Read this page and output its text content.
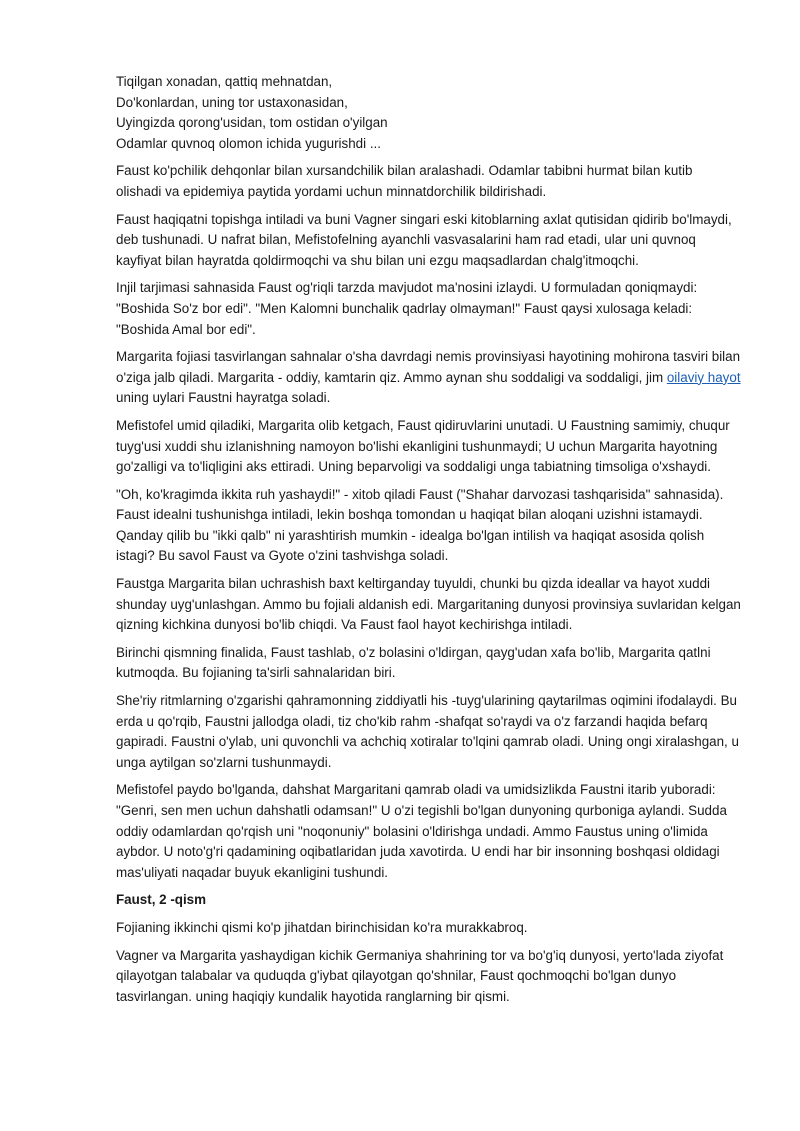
Tiqilgan xonadan, qattiq mehnatdan,
Do'konlardan, uning tor ustaxonasidan,
Uyingizda qorong'usidan, tom ostidan o'yilgan
Odamlar quvnoq olomon ichida yugurishdi ...

Faust ko'pchilik dehqonlar bilan xursandchilik bilan aralashadi. Odamlar tabibni hurmat bilan kutib olishadi va epidemiya paytida yordami uchun minnatdorchilik bildirishadi.

Faust haqiqatni topishga intiladi va buni Vagner singari eski kitoblarning axlat qutisidan qidirib bo'lmaydi, deb tushunadi. U nafrat bilan, Mefistofelning ayanchli vasvasalarini ham rad etadi, ular uni quvnoq kayfiyat bilan hayratda qoldirmoqchi va shu bilan uni ezgu maqsadlardan chalg'itmoqchi.

Injil tarjimasi sahnasida Faust og'riqli tarzda mavjudot ma'nosini izlaydi. U formuladan qoniqmaydi: "Boshida So'z bor edi". "Men Kalomni bunchalik qadrlay olmayman!" Faust qaysi xulosaga keladi: "Boshida Amal bor edi".

Margarita fojiasi tasvirlangan sahnalar o'sha davrdagi nemis provinsiyasi hayotining mohirona tasviri bilan o'ziga jalb qiladi. Margarita - oddiy, kamtarin qiz. Ammo aynan shu soddaligi va soddaligi, jim oilaviy hayot uning uylari Faustni hayratga soladi.

Mefistofel umid qiladiki, Margarita olib ketgach, Faust qidiruvlarini unutadi. U Faustning samimiy, chuqur tuyg'usi xuddi shu izlanishning namoyon bo'lishi ekanligini tushunmaydi; U uchun Margarita hayotning go'zalligi va to'liqligini aks ettiradi. Uning beparvoligi va soddaligi unga tabiatning timsoliga o'xshaydi.

"Oh, ko'kragimda ikkita ruh yashaydi!" - xitob qiladi Faust ("Shahar darvozasi tashqarisida" sahnasida). Faust idealni tushunishga intiladi, lekin boshqa tomondan u haqiqat bilan aloqani uzishni istamaydi. Qanday qilib bu "ikki qalb" ni yarashtirish mumkin - idealga bo'lgan intilish va haqiqat asosida qolish istagi? Bu savol Faust va Gyote o'zini tashvishga soladi.

Faustga Margarita bilan uchrashish baxt keltirganday tuyuldi, chunki bu qizda ideallar va hayot xuddi shunday uyg'unlashgan. Ammo bu fojiali aldanish edi. Margaritaning dunyosi provinsiya suvlaridan kelgan qizning kichkina dunyosi bo'lib chiqdi. Va Faust faol hayot kechirishga intiladi.

Birinchi qismning finalida, Faust tashlab, o'z bolasini o'ldirgan, qayg'udan xafa bo'lib, Margarita qatlni kutmoqda. Bu fojianing ta'sirli sahnalaridan biri.

She'riy ritmlarning o'zgarishi qahramonning ziddiyatli his -tuyg'ularining qaytarilmas oqimini ifodalaydi. Bu erda u qo'rqib, Faustni jallodga oladi, tiz cho'kib rahm -shafqat so'raydi va o'z farzandi haqida befarq gapiradi. Faustni o'ylab, uni quvonchli va achchiq xotiralar to'lqini qamrab oladi. Uning ongi xiralashgan, u unga aytilgan so'zlarni tushunmaydi.

Mefistofel paydo bo'lganda, dahshat Margaritani qamrab oladi va umidsizlikda Faustni itarib yuboradi: "Genri, sen men uchun dahshatli odamsan!" U o'zi tegishli bo'lgan dunyoning qurboniga aylandi. Sudda oddiy odamlardan qo'rqish uni "noqonuniy" bolasini o'ldirishga undadi. Ammo Faustus uning o'limida aybdor. U noto'g'ri qadamining oqibatlaridan juda xavotirda. U endi har bir insonning boshqasi oldidagi mas'uliyati naqadar buyuk ekanligini tushundi.

Faust, 2 -qism

Fojianing ikkinchi qismi ko'p jihatdan birinchisidan ko'ra murakkabroq.

Vagner va Margarita yashaydigan kichik Germaniya shahrining tor va bo'g'iq dunyosi, yerto'lada ziyofat qilayotgan talabalar va quduqda g'iybat qilayotgan qo'shnilar, Faust qochmoqchi bo'lgan dunyo tasvirlangan. uning haqiqiy kundalik hayotida ranglarning bir qismi.
